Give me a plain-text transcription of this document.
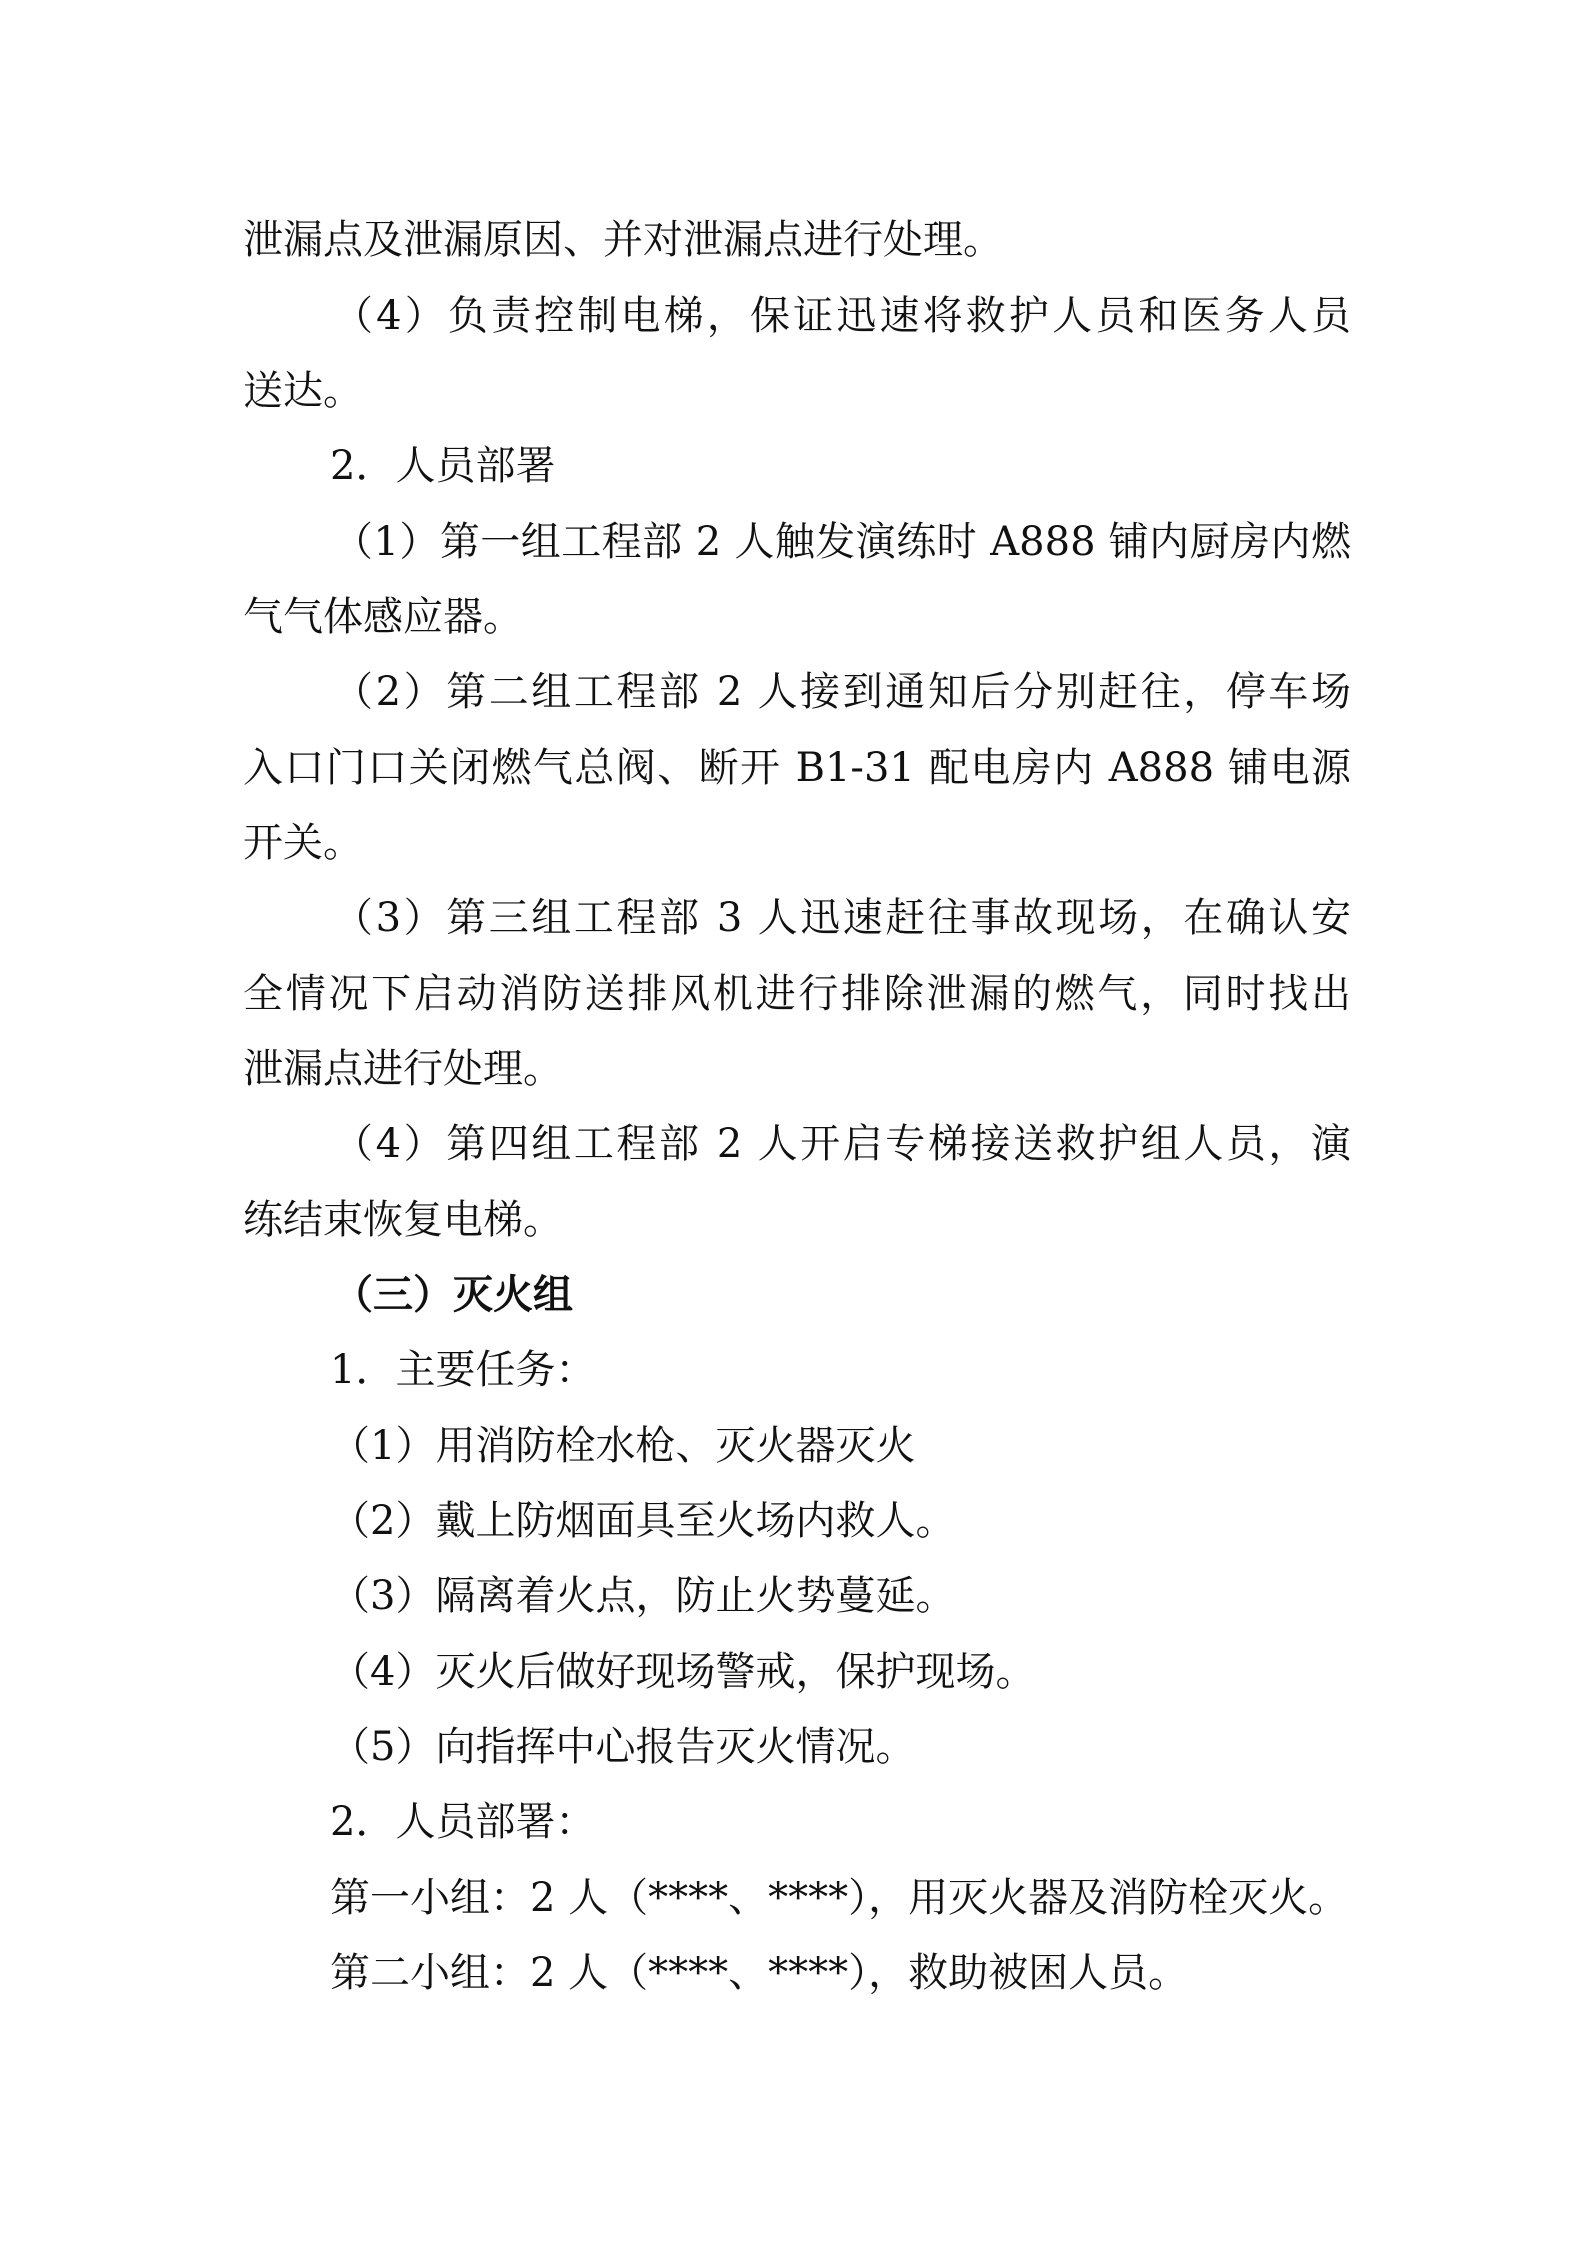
泄漏点及泄漏原因、并对泄漏点进行处理。

（4）负责控制电梯，保证迅速将救护人员和医务人员

送达。

2．人员部署

（1）第一组工程部 2 人触发演练时 A888 铺内厨房内燃

气气体感应器。

（2）第二组工程部 2 人接到通知后分别赶往，停车场

入口门口关闭燃气总阀、断开 B1-31 配电房内 A888 铺电源

开关。

（3）第三组工程部 3 人迅速赶往事故现场，在确认安

全情况下启动消防送排风机进行排除泄漏的燃气，同时找出

泄漏点进行处理。

（4）第四组工程部 2 人开启专梯接送救护组人员，演

练结束恢复电梯。

（三）灭火组

1．主要任务：

（1）用消防栓水枪、灭火器灭火

（2）戴上防烟面具至火场内救人。

（3）隔离着火点，防止火势蔓延。

（4）灭火后做好现场警戒，保护现场。

（5）向指挥中心报告灭火情况。

2．人员部署：

第一小组：2 人（****、****），用灭火器及消防栓灭火。

第二小组：2 人（****、****），救助被困人员。
